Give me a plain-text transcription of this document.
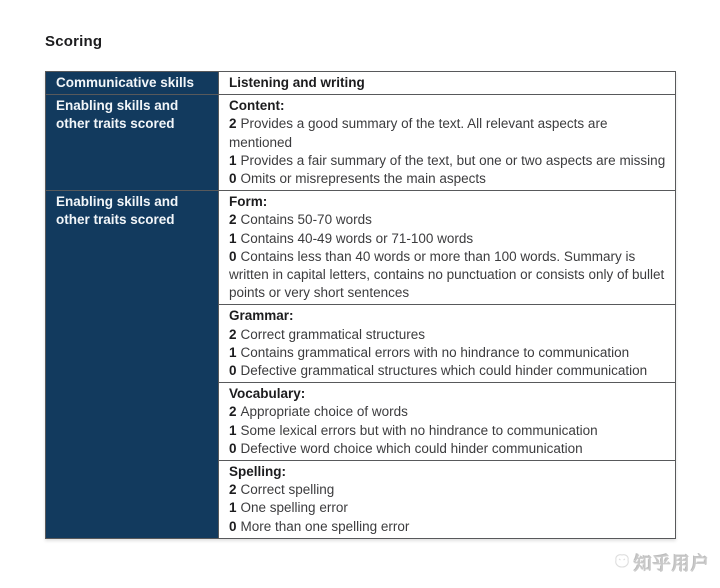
Scoring
Communicative skills	Listening and writing
Enabling skills and other traits scored	Content:
2 Provides a good summary of the text. All relevant aspects are mentioned
1 Provides a fair summary of the text, but one or two aspects are missing
0 Omits or misrepresents the main aspects

Enabling skills and other traits scored	Form:
2 Contains 50-70 words
1 Contains 40-49 words or 71-100 words
0 Contains less than 40 words or more than 100 words. Summary is written in capital letters, contains no punctuation or consists only of bullet points or very short sentences

	Grammar:
2 Correct grammatical structures
1 Contains grammatical errors with no hindrance to communication
0 Defective grammatical structures which could hinder communication

	Vocabulary:
2 Appropriate choice of words
1 Some lexical errors but with no hindrance to communication
0 Defective word choice which could hinder communication

	Spelling:
2 Correct spelling
1 One spelling error
0 More than one spelling error
知乎用户
